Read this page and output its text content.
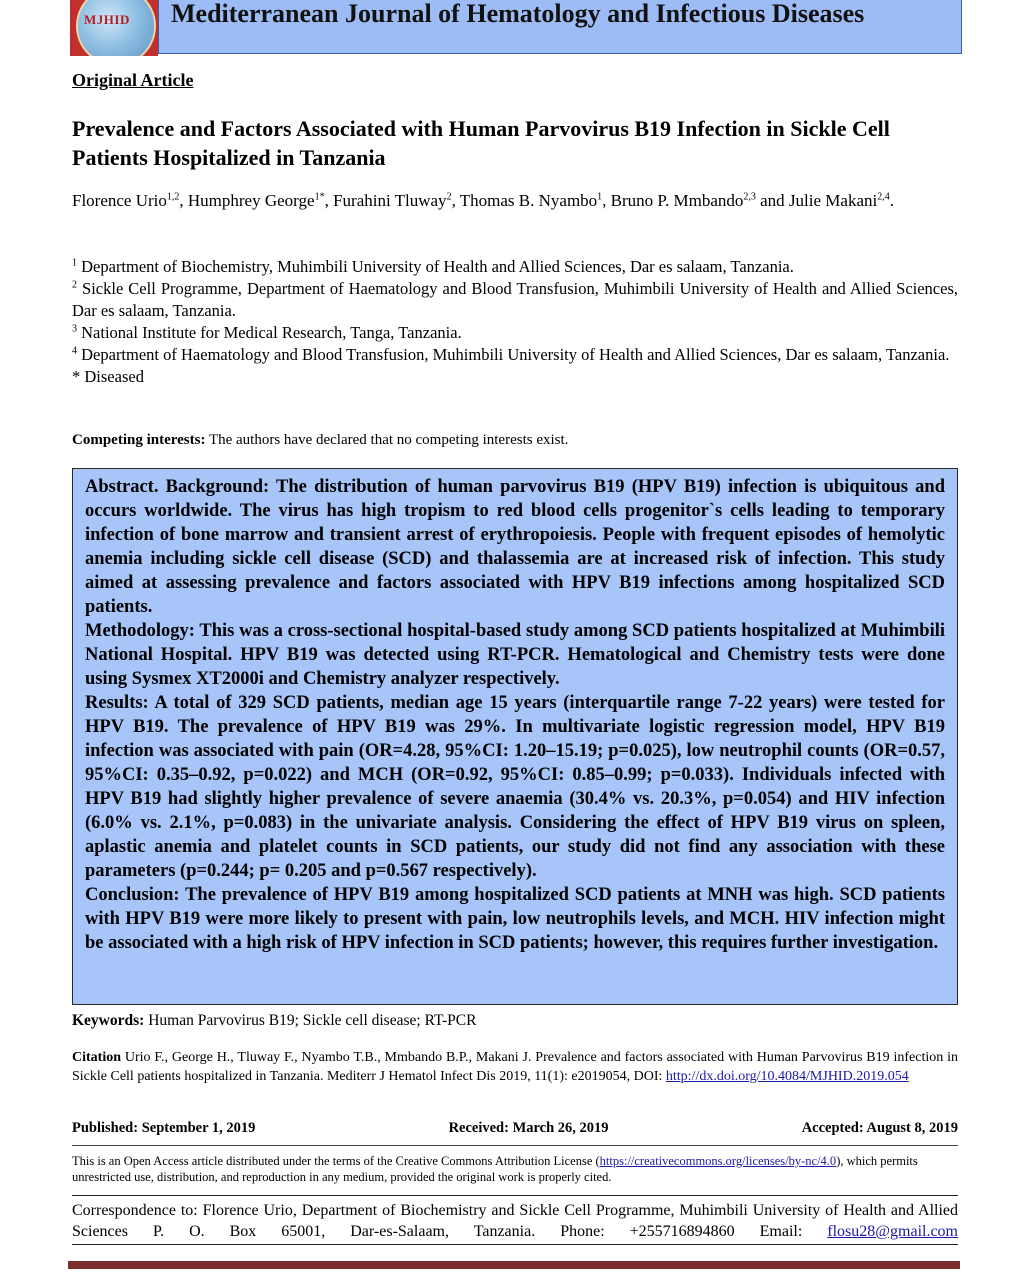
MJHID Mediterranean Journal of Hematology and Infectious Diseases
Original Article
Prevalence and Factors Associated with Human Parvovirus B19 Infection in Sickle Cell Patients Hospitalized in Tanzania
Florence Urio$^{1,2}$, Humphrey George$^{1*}$, Furahini Tluway$^2$, Thomas B. Nyambo$^1$, Bruno P. Mmbando$^{2,3}$ and Julie Makani$^{2,4}$.
$^1$ Department of Biochemistry, Muhimbili University of Health and Allied Sciences, Dar es salaam, Tanzania.
$^2$ Sickle Cell Programme, Department of Haematology and Blood Transfusion, Muhimbili University of Health and Allied Sciences, Dar es salaam, Tanzania.
$^3$ National Institute for Medical Research, Tanga, Tanzania.
$^4$ Department of Haematology and Blood Transfusion, Muhimbili University of Health and Allied Sciences, Dar es salaam, Tanzania.
* Diseased
Competing interests: The authors have declared that no competing interests exist.

Abstract. Background: The distribution of human parvovirus B19 (HPV B19) infection is ubiquitous and occurs worldwide. The virus has high tropism to red blood cells progenitor`s cells leading to temporary infection of bone marrow and transient arrest of erythropoiesis. People with frequent episodes of hemolytic anemia including sickle cell disease (SCD) and thalassemia are at increased risk of infection. This study aimed at assessing prevalence and factors associated with HPV B19 infections among hospitalized SCD patients.

Methodology: This was a cross-sectional hospital-based study among SCD patients hospitalized at Muhimbili National Hospital. HPV B19 was detected using RT-PCR. Hematological and Chemistry tests were done using Sysmex XT2000i and Chemistry analyzer respectively.

Results: A total of 329 SCD patients, median age 15 years (interquartile range 7-22 years) were tested for HPV B19. The prevalence of HPV B19 was 29%. In multivariate logistic regression model, HPV B19 infection was associated with pain (OR=4.28, 95%CI: 1.20–15.19; p=0.025), low neutrophil counts (OR=0.57, 95%CI: 0.35–0.92, p=0.022) and MCH (OR=0.92, 95%CI: 0.85–0.99; p=0.033). Individuals infected with HPV B19 had slightly higher prevalence of severe anaemia (30.4% vs. 20.3%, p=0.054) and HIV infection (6.0% vs. 2.1%, p=0.083) in the univariate analysis. Considering the effect of HPV B19 virus on spleen, aplastic anemia and platelet counts in SCD patients, our study did not find any association with these parameters (p=0.244; p= 0.205 and p=0.567 respectively).

Conclusion: The prevalence of HPV B19 among hospitalized SCD patients at MNH was high. SCD patients with HPV B19 were more likely to present with pain, low neutrophils levels, and MCH. HIV infection might be associated with a high risk of HPV infection in SCD patients; however, this requires further investigation.

Keywords: Human Parvovirus B19; Sickle cell disease; RT-PCR
Citation Urio F., George H., Tluway F., Nyambo T.B., Mmbando B.P., Makani J. Prevalence and factors associated with Human Parvovirus B19 infection in Sickle Cell patients hospitalized in Tanzania. Mediterr J Hematol Infect Dis 2019, 11(1): e2019054, DOI: http://dx.doi.org/10.4084/MJHID.2019.054
Published: September 1, 2019	Received: March 26, 2019	Accepted: August 8, 2019
This is an Open Access article distributed under the terms of the Creative Commons Attribution License (https://creativecommons.org/licenses/by-nc/4.0), which permits unrestricted use, distribution, and reproduction in any medium, provided the original work is properly cited.
Correspondence to: Florence Urio, Department of Biochemistry and Sickle Cell Programme, Muhimbili University of Health and Allied Sciences P. O. Box 65001, Dar-es-Salaam, Tanzania. Phone: +255716894860 Email: flosu28@gmail.com
